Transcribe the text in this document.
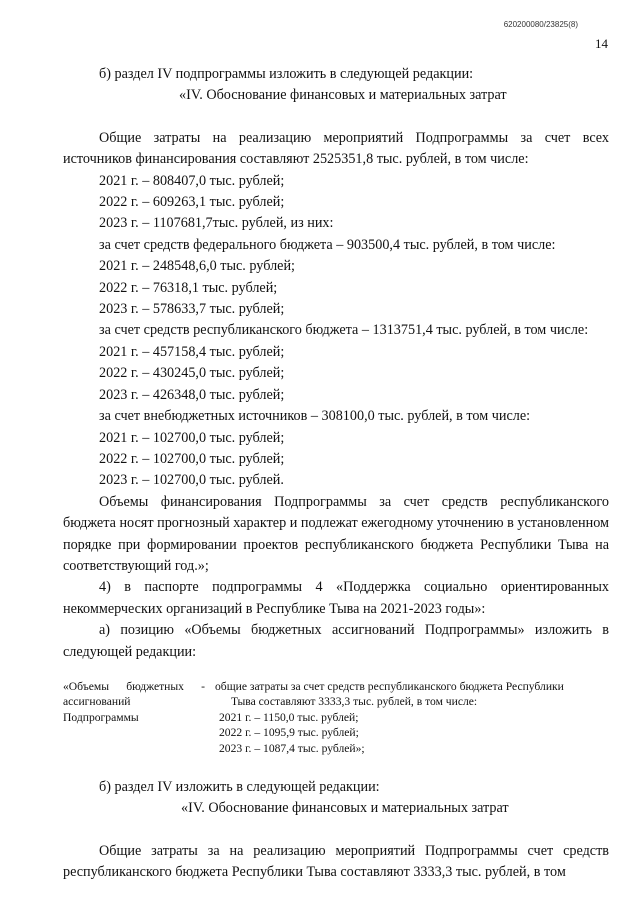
620200080/23825(8)
14

б) раздел IV подпрограммы изложить в следующей редакции:

«IV. Обоснование финансовых и материальных затрат

Общие затраты на реализацию мероприятий Подпрограммы за счет всех источников финансирования составляют 2525351,8 тыс. рублей, в том числе:

2021 г. – 808407,0 тыс. рублей;

2022 г. – 609263,1 тыс. рублей;

2023 г. – 1107681,7тыс. рублей, из них:

за счет средств федерального бюджета – 903500,4 тыс. рублей, в том числе:

2021 г. – 248548,6,0 тыс. рублей;

2022 г. – 76318,1 тыс. рублей;

2023 г. – 578633,7 тыс. рублей;

за счет средств республиканского бюджета – 1313751,4 тыс. рублей, в том числе:

2021 г. – 457158,4 тыс. рублей;

2022 г. – 430245,0 тыс. рублей;

2023 г. – 426348,0 тыс. рублей;

за счет внебюджетных источников – 308100,0 тыс. рублей, в том числе:

2021 г. – 102700,0 тыс. рублей;

2022 г. – 102700,0 тыс. рублей;

2023 г. – 102700,0 тыс. рублей.

Объемы финансирования Подпрограммы за счет средств республиканского бюджета носят прогнозный характер и подлежат ежегодному уточнению в установленном порядке при формировании проектов республиканского бюджета Республики Тыва на соответствующий год.»;

4) в паспорте подпрограммы 4 «Поддержка социально ориентированных некоммерческих организаций в Республике Тыва на 2021-2023 годы»:

а) позицию «Объемы бюджетных ассигнований Подпрограммы» изложить в следующей редакции:

«Объемы бюджетных - ассигнований Подпрограммы

общие затраты за счет средств республиканского бюджета Республики

Тыва составляют 3333,3 тыс. рублей, в том числе:

2021 г. – 1150,0 тыс. рублей;

2022 г. – 1095,9 тыс. рублей;

2023 г. – 1087,4 тыс. рублей»;

б) раздел IV изложить в следующей редакции:

«IV. Обоснование финансовых и материальных затрат

Общие затраты за на реализацию мероприятий Подпрограммы счет средств республиканского бюджета Республики Тыва составляют 3333,3 тыс. рублей, в том
